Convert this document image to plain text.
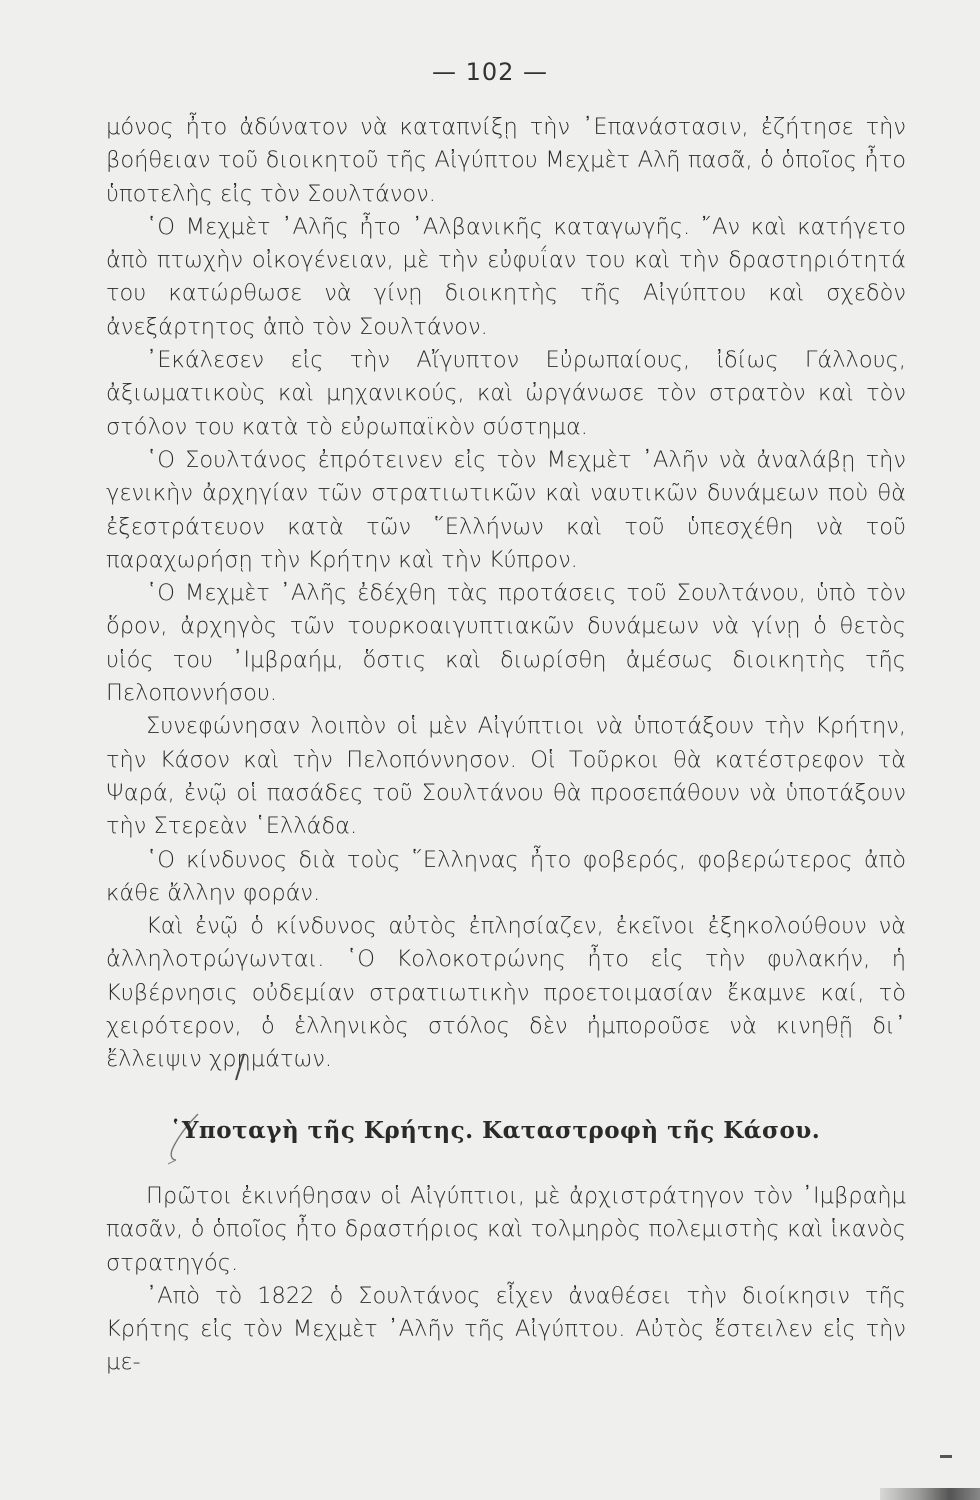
— 102 —

μόνος ἦτο ἀδύνατον νὰ καταπνίξῃ τὴν ᾿Επανάστασιν, ἐζήτησε τὴν βοήθειαν τοῦ διοικητοῦ τῆς Αἰγύπτου Μεχμὲτ Αλῆ πασᾶ, ὁ ὁποῖος ἦτο ὑποτελὴς εἰς τὸν Σουλτάνον.

῾Ο Μεχμὲτ ᾿Αλῆς ἦτο ᾿Αλβανικῆς καταγωγῆς. ῎Αν καὶ κατήγετο ἀπὸ πτωχὴν οἰκογένειαν, μὲ τὴν εὐφυΐαν του καὶ τὴν δραστηριότητά του κατώρθωσε νὰ γίνῃ διοικητὴς τῆς Αἰγύπτου καὶ σχεδὸν ἀνεξάρτητος ἀπὸ τὸν Σουλτάνον.

᾿Εκάλεσεν εἰς τὴν Αἴγυπτον Εὐρωπαίους, ἰδίως Γάλλους, ἀξιωματικοὺς καὶ μηχανικούς, καὶ ὠργάνωσε τὸν στρατὸν καὶ τὸν στόλον του κατὰ τὸ εὐρωπαϊκὸν σύστημα.

῾Ο Σουλτάνος ἐπρότεινεν εἰς τὸν Μεχμὲτ ᾿Αλῆν νὰ ἀναλάβῃ τὴν γενικὴν ἀρχηγίαν τῶν στρατιωτικῶν καὶ ναυτικῶν δυνάμεων ποὺ θὰ ἐξεστράτευον κατὰ τῶν ῞Ελλήνων καὶ τοῦ ὑπεσχέθη νὰ τοῦ παραχωρήσῃ τὴν Κρήτην καὶ τὴν Κύπρον.

῾Ο Μεχμὲτ ᾿Αλῆς ἐδέχθη τὰς προτάσεις τοῦ Σουλτάνου, ὑπὸ τὸν ὅρον, ἀρχηγὸς τῶν τουρκοαιγυπτιακῶν δυνάμεων νὰ γίνῃ ὁ θετὸς υἱός του ᾿Ιμβραήμ, ὅστις καὶ διωρίσθη ἀμέσως διοικητὴς τῆς Πελοποννήσου.

Συνεφώνησαν λοιπὸν οἱ μὲν Αἰγύπτιοι νὰ ὑποτάξουν τὴν Κρήτην, τὴν Κάσον καὶ τὴν Πελοπόννησον. Οἱ Τοῦρκοι θὰ κατέστρεφον τὰ Ψαρά, ἐνῷ οἱ πασάδες τοῦ Σουλτάνου θὰ προσεπάθουν νὰ ὑποτάξουν τὴν Στερεὰν ῾Ελλάδα.

῾Ο κίνδυνος διὰ τοὺς ῞Ελληνας ἦτο φοβερός, φοβερώτερος ἀπὸ κάθε ἄλλην φοράν.

Καὶ ἐνῷ ὁ κίνδυνος αὐτὸς ἐπλησίαζεν, ἐκεῖνοι ἐξηκολούθουν νὰ ἀλληλοτρώγωνται. ῾Ο Κολοκοτρώνης ἦτο εἰς τὴν φυλακήν, ἡ Κυβέρνησις οὐδεμίαν στρατιωτικὴν προετοιμασίαν ἔκαμνε καί, τὸ χειρότερον, ὁ ἑλληνικὸς στόλος δὲν ἠμποροῦσε νὰ κινηθῇ δι᾽ ἔλλειψιν χρημάτων.

῾Υποταγὴ τῆς Κρήτης. Καταστροφὴ τῆς Κάσου.

Πρῶτοι ἐκινήθησαν οἱ Αἰγύπτιοι, μὲ ἀρχιστράτηγον τὸν ᾿Ιμβραὴμ πασᾶν, ὁ ὁποῖος ἦτο δραστήριος καὶ τολμηρὸς πολεμιστὴς καὶ ἱκανὸς στρατηγός.

᾿Απὸ τὸ 1822 ὁ Σουλτάνος εἶχεν ἀναθέσει τὴν διοίκησιν τῆς Κρήτης εἰς τὸν Μεχμὲτ ᾿Αλῆν τῆς Αἰγύπτου. Αὐτὸς ἔστειλεν εἰς τὴν με-
